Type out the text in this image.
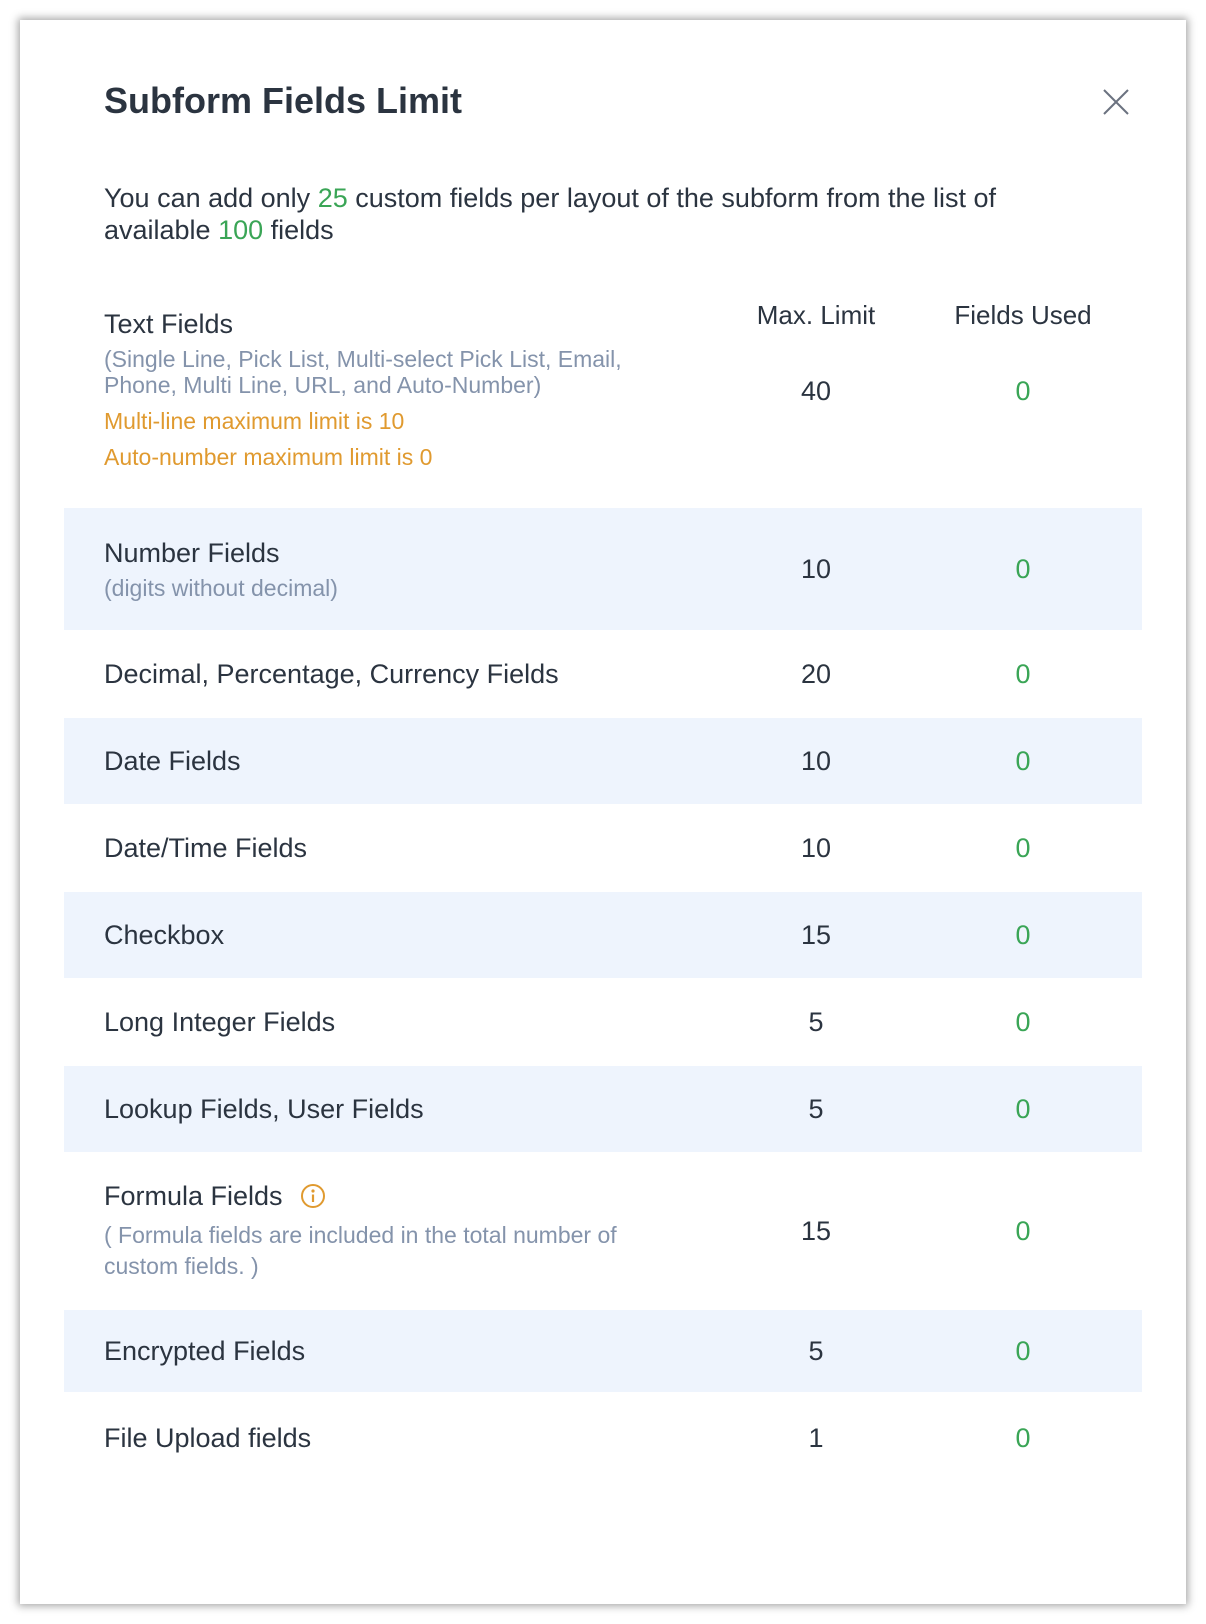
Subform Fields Limit

You can add only 25 custom fields per layout of the subform from the list of available 100 fields

Max. Limit	Fields Used
Text Fields
(Single Line, Pick List, Multi-select Pick List, Email, Phone, Multi Line, URL, and Auto-Number)
Multi-line maximum limit is 10
Auto-number maximum limit is 0
40	0
Number Fields
(digits without decimal)
10	0
Decimal, Percentage, Currency Fields	20	0
Date Fields	10	0
Date/Time Fields	10	0
Checkbox	15	0
Long Integer Fields	5	0
Lookup Fields, User Fields	5	0
Formula Fields
( Formula fields are included in the total number of custom fields. )
15	0
Encrypted Fields	5	0
File Upload fields	1	0
